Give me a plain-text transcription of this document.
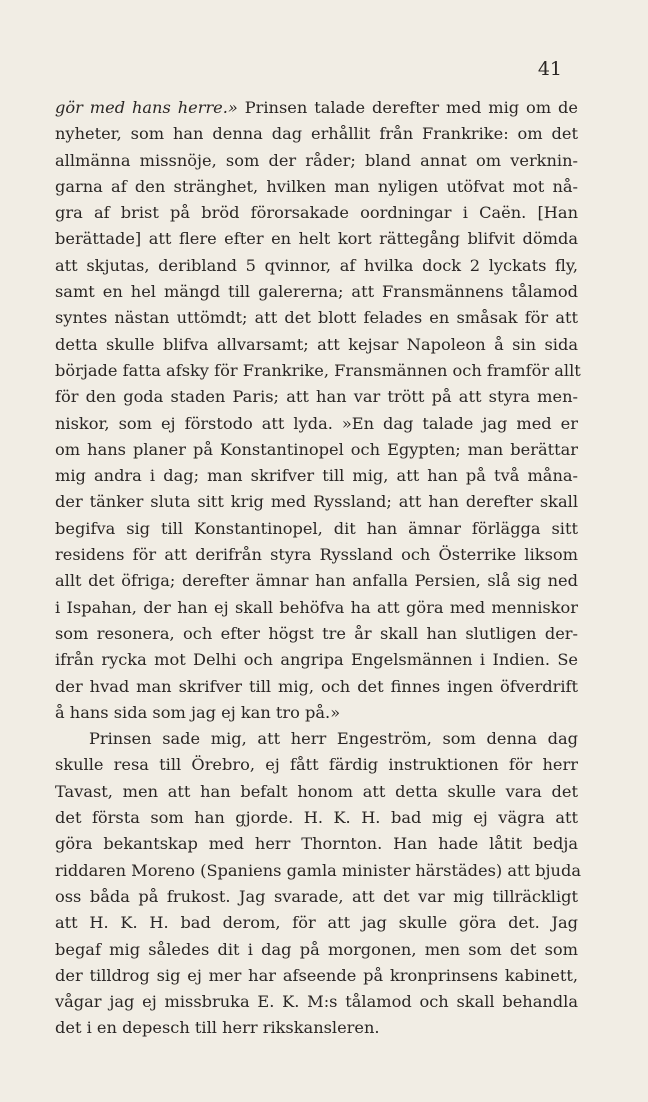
41
gör med hans herre.» Prinsen talade derefter med mig om de
nyheter, som han denna dag erhållit från Frankrike: om det
allmänna missnöje, som der råder; bland annat om verknin-
garna af den stränghet, hvilken man nyligen utöfvat mot nå-
gra af brist på bröd förorsakade oordningar i Caën. [Han
berättade] att flere efter en helt kort rättegång blifvit dömda
att skjutas, deribland 5 qvinnor, af hvilka dock 2 lyckats fly,
samt en hel mängd till galererna; att Fransmännens tålamod
syntes nästan uttömdt; att det blott felades en småsak för att
detta skulle blifva allvarsamt; att kejsar Napoleon å sin sida
började fatta afsky för Frankrike, Fransmännen och framför allt
för den goda staden Paris; att han var trött på att styra men-
niskor, som ej förstodo att lyda. »En dag talade jag med er
om hans planer på Konstantinopel och Egypten; man berättar
mig andra i dag; man skrifver till mig, att han på två måna-
der tänker sluta sitt krig med Ryssland; att han derefter skall
begifva sig till Konstantinopel, dit han ämnar förlägga sitt
residens för att derifrån styra Ryssland och Österrike liksom
allt det öfriga; derefter ämnar han anfalla Persien, slå sig ned
i Ispahan, der han ej skall behöfva ha att göra med menniskor
som resonera, och efter högst tre år skall han slutligen der-
ifrån rycka mot Delhi och angripa Engelsmännen i Indien. Se
der hvad man skrifver till mig, och det finnes ingen öfverdrift
å hans sida som jag ej kan tro på.»
Prinsen sade mig, att herr Engeström, som denna dag
skulle resa till Örebro, ej fått färdig instruktionen för herr
Tavast, men att han befalt honom att detta skulle vara det
det första som han gjorde. H. K. H. bad mig ej vägra att
göra bekantskap med herr Thornton. Han hade låtit bedja
riddaren Moreno (Spaniens gamla minister härstädes) att bjuda
oss båda på frukost. Jag svarade, att det var mig tillräckligt
att H. K. H. bad derom, för att jag skulle göra det. Jag
begaf mig således dit i dag på morgonen, men som det som
der tilldrog sig ej mer har afseende på kronprinsens kabinett,
vågar jag ej missbruka E. K. M:s tålamod och skall behandla
det i en depesch till herr rikskansleren.
